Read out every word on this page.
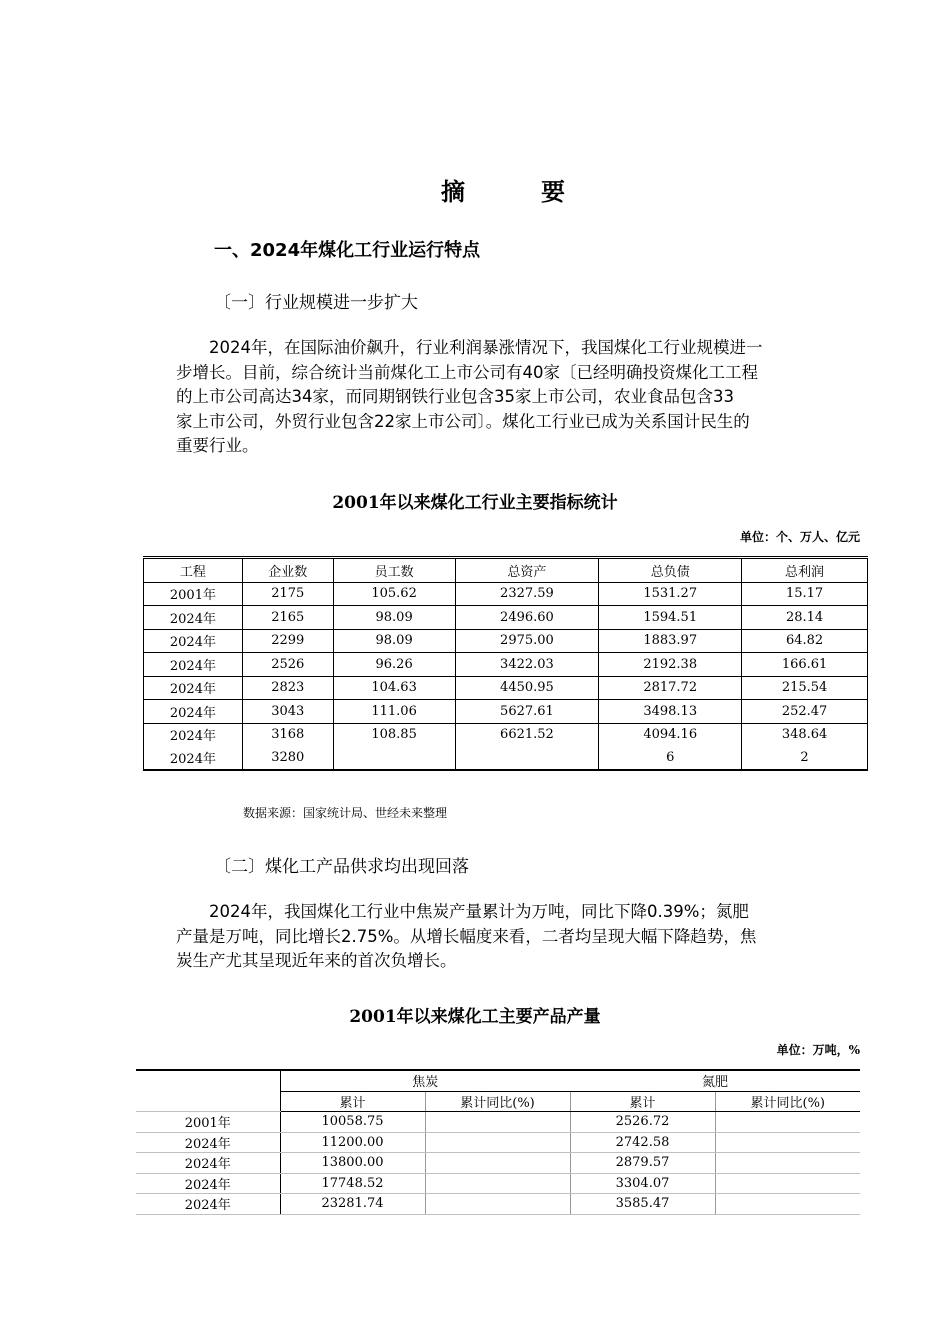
摘　要
一、2024年煤化工行业运行特点
〔一〕行业规模进一步扩大
　　2024年，在国际油价飙升，行业利润暴涨情况下，我国煤化工行业规模进一
步增长。目前，综合统计当前煤化工上市公司有40家〔已经明确投资煤化工工程
的上市公司高达34家，而同期钢铁行业包含35家上市公司，农业食品包含33
家上市公司，外贸行业包含22家上市公司〕。煤化工行业已成为关系国计民生的
重要行业。
2001年以来煤化工行业主要指标统计
单位：个、万人、亿元
工程	企业数	员工数	总资产	总负债	总利润
2001年	2175	105.62	2327.59	1531.27	15.17
2024年	2165	98.09	2496.60	1594.51	28.14
2024年	2299	98.09	2975.00	1883.97	64.82
2024年	2526	96.26	3422.03	2192.38	166.61
2024年	2823	104.63	4450.95	2817.72	215.54
2024年	3043	111.06	5627.61	3498.13	252.47
2024年	3168	108.85	6621.52	4094.16	348.64
2024年	3280			6	2
数据来源：国家统计局、世经未来整理
〔二〕煤化工产品供求均出现回落
　　2024年，我国煤化工行业中焦炭产量累计为万吨，同比下降0.39%；氮肥
产量是万吨，同比增长2.75%。从增长幅度来看，二者均呈现大幅下降趋势，焦
炭生产尤其呈现近年来的首次负增长。
2001年以来煤化工主要产品产量
单位：万吨，%
	焦炭		氮肥	
	累计	累计同比(%)	累计	累计同比(%)
2001年	10058.75		2526.72	
2024年	11200.00		2742.58	
2024年	13800.00		2879.57	
2024年	17748.52		3304.07	
2024年	23281.74		3585.47	
